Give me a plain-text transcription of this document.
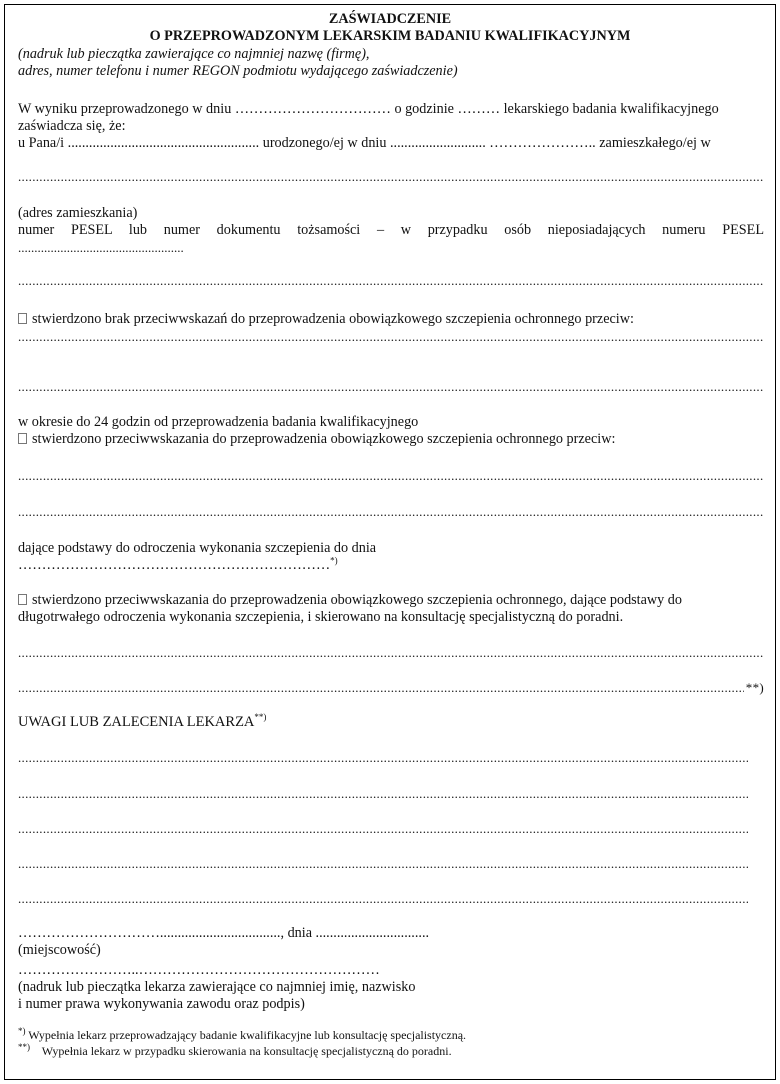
ZAŚWIADCZENIE
O PRZEPROWADZONYM LEKARSKIM BADANIU KWALIFIKACYJNYM
(nadruk lub pieczątka zawierające co najmniej nazwę (firmę),
adres, numer telefonu i numer REGON podmiotu wydającego zaświadczenie)
W wyniku przeprowadzonego w dniu …………………………… o godzinie ……… lekarskiego badania kwalifikacyjnego
zaświadcza się, że:
u Pana/i ...................................................... urodzonego/ej w dniu ........................... ………………….. zamieszkałego/ej w
.....
(adres zamieszkania)
numer PESEL lub numer dokumentu tożsamości – w przypadku osób nieposiadających numeru PESEL
...................................................
.....
stwierdzono brak przeciwwskazań do przeprowadzenia obowiązkowego szczepienia ochronnego przeciw:
.....
.....
w okresie do 24 godzin od przeprowadzenia badania kwalifikacyjnego
stwierdzono przeciwwskazania do przeprowadzenia obowiązkowego szczepienia ochronnego przeciw:
.....
.....
dające podstawy do odroczenia wykonania szczepienia do dnia
…………………………………………………………*)
stwierdzono przeciwwskazania do przeprowadzenia obowiązkowego szczepienia ochronnego, dające podstawy do
długotrwałego odroczenia wykonania szczepienia, i skierowano na konsultację specjalistyczną do poradni.
.....
**)
.....
UWAGI LUB ZALECENIA LEKARZA**)
.....
.....
.....
.....
.....
………………………….................................., dnia ................................
(miejscowość)
……………………..……………………………………………
(nadruk lub pieczątka lekarza zawierające co najmniej imię, nazwisko
i numer prawa wykonywania zawodu oraz podpis)
*) Wypełnia lekarz przeprowadzający badanie kwalifikacyjne lub konsultację specjalistyczną.
**) Wypełnia lekarz w przypadku skierowania na konsultację specjalistyczną do poradni.
